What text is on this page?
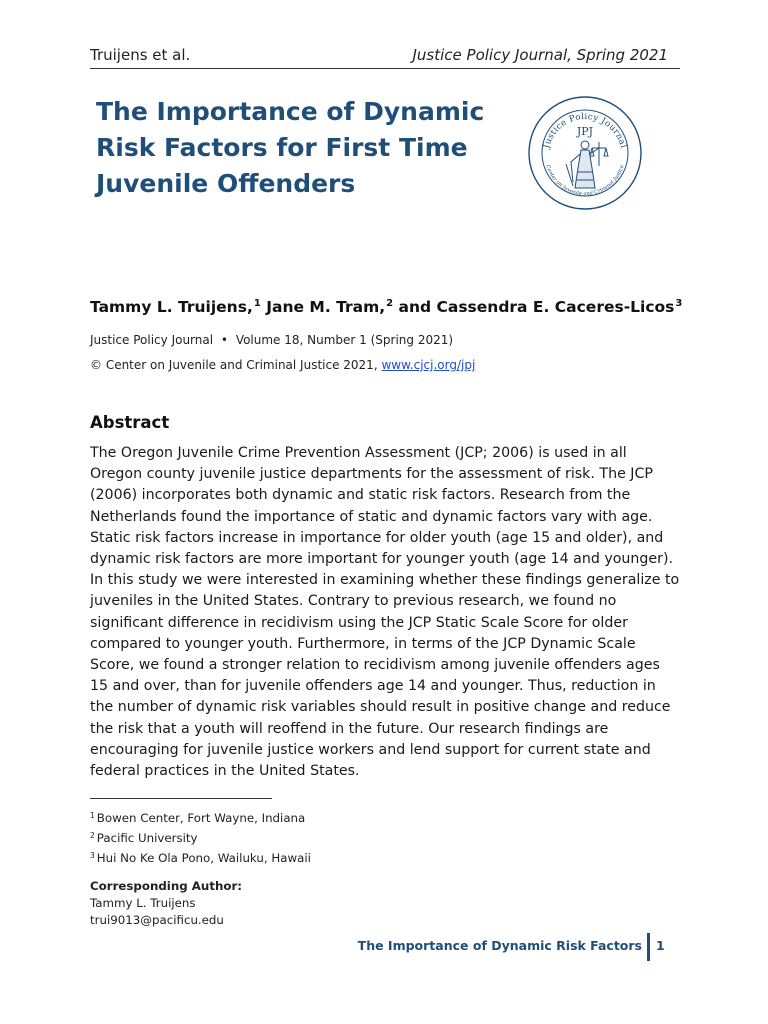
Truijens et al.	Justice Policy Journal, Spring 2021
The Importance of Dynamic
Risk Factors for First Time
Juvenile Offenders
Justice Policy Journal
Center on Juvenile and Criminal Justice
JPJ
Tammy L. Truijens,$^1$ Jane M. Tram,$^2$ and Cassendra E. Caceres-Licos$^3$
Justice Policy Journal • Volume 18, Number 1 (Spring 2021)
© Center on Juvenile and Criminal Justice 2021, www.cjcj.org/jpj
Abstract
The Oregon Juvenile Crime Prevention Assessment (JCP; 2006) is used in all Oregon county juvenile justice departments for the assessment of risk. The JCP (2006) incorporates both dynamic and static risk factors. Research from the Netherlands found the importance of static and dynamic factors vary with age. Static risk factors increase in importance for older youth (age 15 and older), and dynamic risk factors are more important for younger youth (age 14 and younger). In this study we were interested in examining whether these findings generalize to juveniles in the United States. Contrary to previous research, we found no significant difference in recidivism using the JCP Static Scale Score for older compared to younger youth. Furthermore, in terms of the JCP Dynamic Scale Score, we found a stronger relation to recidivism among juvenile offenders ages 15 and over, than for juvenile offenders age 14 and younger. Thus, reduction in the number of dynamic risk variables should result in positive change and reduce the risk that a youth will reoffend in the future. Our research findings are encouraging for juvenile justice workers and lend support for current state and federal practices in the United States.
$^1$ Bowen Center, Fort Wayne, Indiana
$^2$ Pacific University
$^3$ Hui No Ke Ola Pono, Wailuku, Hawaii
Corresponding Author:
Tammy L. Truijens
trui9013@pacificu.edu
The Importance of Dynamic Risk Factors 1
